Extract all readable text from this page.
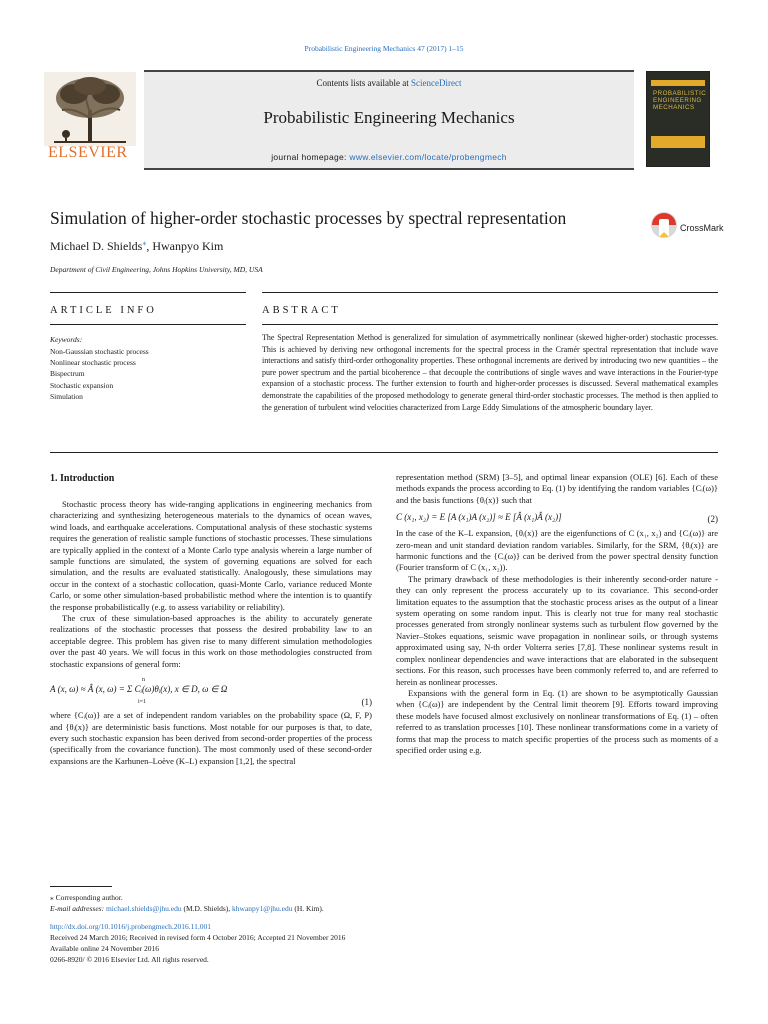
Probabilistic Engineering Mechanics 47 (2017) 1–15
ELSEVIER
Contents lists available at ScienceDirect
Probabilistic Engineering Mechanics
journal homepage: www.elsevier.com/locate/probengmech
PROBABILISTIC ENGINEERING MECHANICS
Simulation of higher-order stochastic processes by spectral representation	CrossMark
Michael D. Shields⁎, Hwanpyo Kim
Department of Civil Engineering, Johns Hopkins University, MD, USA
ARTICLE INFO	ABSTRACT
Keywords:
Non-Gaussian stochastic process
Nonlinear stochastic process
Bispectrum
Stochastic expansion
Simulation
The Spectral Representation Method is generalized for simulation of asymmetrically nonlinear (skewed higher-order) stochastic processes. This is achieved by deriving new orthogonal increments for the spectral process in the Cramér spectral representation that include wave interactions and satisfy third-order orthogonality properties. These orthogonal increments are derived by introducing two new quantities – the pure power spectrum and the partial bicoherence – that decouple the contributions of single waves and wave interactions in the Fourier-type expansion of a stochastic process. The further extension to fourth and higher-order processes is discussed. Several mathematical examples demonstrate the capabilities of the proposed methodology to generate general third-order stochastic processes. The method is then applied to the generation of turbulent wind velocities characterized from Large Eddy Simulations of the atmospheric boundary layer.
1. Introduction

Stochastic process theory has wide-ranging applications in engineering mechanics from characterizing and synthesizing heterogeneous materials to the dynamics of ocean waves, wind loads, and earthquake accelerations. Computational analysis of these stochastic systems requires the generation of realistic sample functions of stochastic processes. These simulations are typically applied in the context of a Monte Carlo type analysis wherein a large number of sample functions are simulated, the system of governing equations are solved for each simulation, and the results are evaluated statistically. Analogously, these simulations may occur in the context of a stochastic collocation, quasi-Monte Carlo, variance reduced Monte Carlo, or some other simulation-based probabilistic method where the intention is to quantify the response probabilistically (e.g. to assess variability or reliability).

The crux of these simulation-based approaches is the ability to accurately generate realizations of the stochastic processes that possess the desired probability law to an acceptable degree. This problem has given rise to many different simulation methodologies over the past 40 years. We will focus in this work on those methodologies constructed from stochastic expansions of general form:

n
A (x, ω) ≈ Â (x, ω) = Σ Cᵢ(ω)θᵢ(x), x ∈ D, ω ∈ Ω
i=1	(1)

where {Cᵢ(ω)} are a set of independent random variables on the probability space (Ω, F, P) and {θᵢ(x)} are deterministic basis functions. Most notable for our purposes is that, to date, every such stochastic expansion has been derived from second-order properties of the process (specifically from the covariance function). The most commonly used of these second-order expansions are the Karhunen–Loève (K–L) expansion [1,2], the spectral

representation method (SRM) [3–5], and optimal linear expansion (OLE) [6]. Each of these methods expands the process according to Eq. (1) by identifying the random variables {Cᵢ(ω)} and the basis functions {θᵢ(x)} such that

C (x₁, x₂) = E [A (x₁)A (x₂)] ≈ E [Â (x₁)Â (x₂)]	(2)

In the case of the K–L expansion, {θᵢ(x)} are the eigenfunctions of C (x₁, x₂) and {Cᵢ(ω)} are zero-mean and unit standard deviation random variables. Similarly, for the SRM, {θᵢ(x)} are harmonic functions and the {Cᵢ(ω)} can be derived from the power spectral density function (Fourier transform of C (x₁, x₂)).

The primary drawback of these methodologies is their inherently second-order nature - they can only represent the process accurately up to its covariance. This second-order limitation equates to the assumption that the stochastic process arises as the output of a linear system operating on some random input. This is clearly not true for many real stochastic processes generated from strongly nonlinear systems such as turbulent flow governed by the Navier–Stokes equations, seismic wave propagation in nonlinear soils, or through systems approximated using say, N-th order Volterra series [7,8]. These nonlinear systems result in complex nonlinear dependencies and wave interactions that are elaborated in the subsequent sections. For this reason, such processes have been commonly referred to, and are referred to herein as nonlinear processes.

Expansions with the general form in Eq. (1) are shown to be asymptotically Gaussian when {Cᵢ(ω)} are independent by the Central limit theorem [9]. Efforts toward improving these models have focused almost exclusively on nonlinear transformations of Eq. (1) – often referred to as translation processes [10]. These nonlinear transformations come in a variety of forms that map the process to match specific properties of the process such as moments of a specified order using e.g.

⁎ Corresponding author.
E-mail addresses: michael.shields@jhu.edu (M.D. Shields), khwanpy1@jhu.edu (H. Kim).
http://dx.doi.org/10.1016/j.probengmech.2016.11.001
Received 24 March 2016; Received in revised form 4 October 2016; Accepted 21 November 2016
Available online 24 November 2016
0266-8920/ © 2016 Elsevier Ltd. All rights reserved.
